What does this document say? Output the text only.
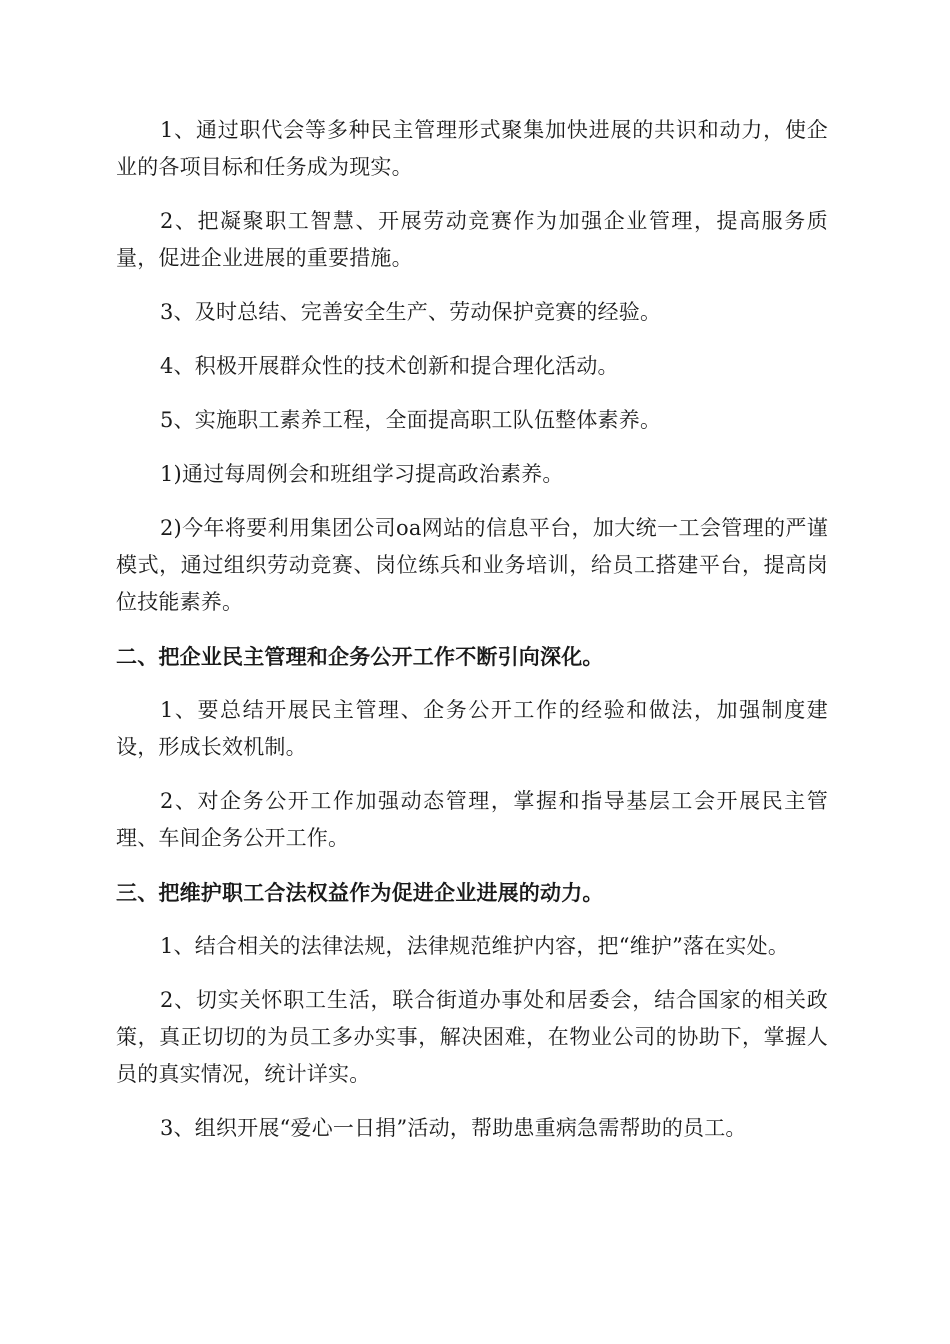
1、通过职代会等多种民主管理形式聚集加快进展的共识和动力，使企业的各项目标和任务成为现实。

2、把凝聚职工智慧、开展劳动竞赛作为加强企业管理，提高服务质量，促进企业进展的重要措施。

3、及时总结、完善安全生产、劳动保护竞赛的经验。

4、积极开展群众性的技术创新和提合理化活动。

5、实施职工素养工程，全面提高职工队伍整体素养。

1)通过每周例会和班组学习提高政治素养。

2)今年将要利用集团公司oa网站的信息平台，加大统一工会管理的严谨模式，通过组织劳动竞赛、岗位练兵和业务培训，给员工搭建平台，提高岗位技能素养。

二、把企业民主管理和企务公开工作不断引向深化。

1、要总结开展民主管理、企务公开工作的经验和做法，加强制度建设，形成长效机制。

2、对企务公开工作加强动态管理，掌握和指导基层工会开展民主管理、车间企务公开工作。

三、把维护职工合法权益作为促进企业进展的动力。

1、结合相关的法律法规，法律规范维护内容，把“维护”落在实处。

2、切实关怀职工生活，联合街道办事处和居委会，结合国家的相关政策，真正切切的为员工多办实事，解决困难，在物业公司的协助下，掌握人员的真实情况，统计详实。

3、组织开展“爱心一日捐”活动，帮助患重病急需帮助的员工。
